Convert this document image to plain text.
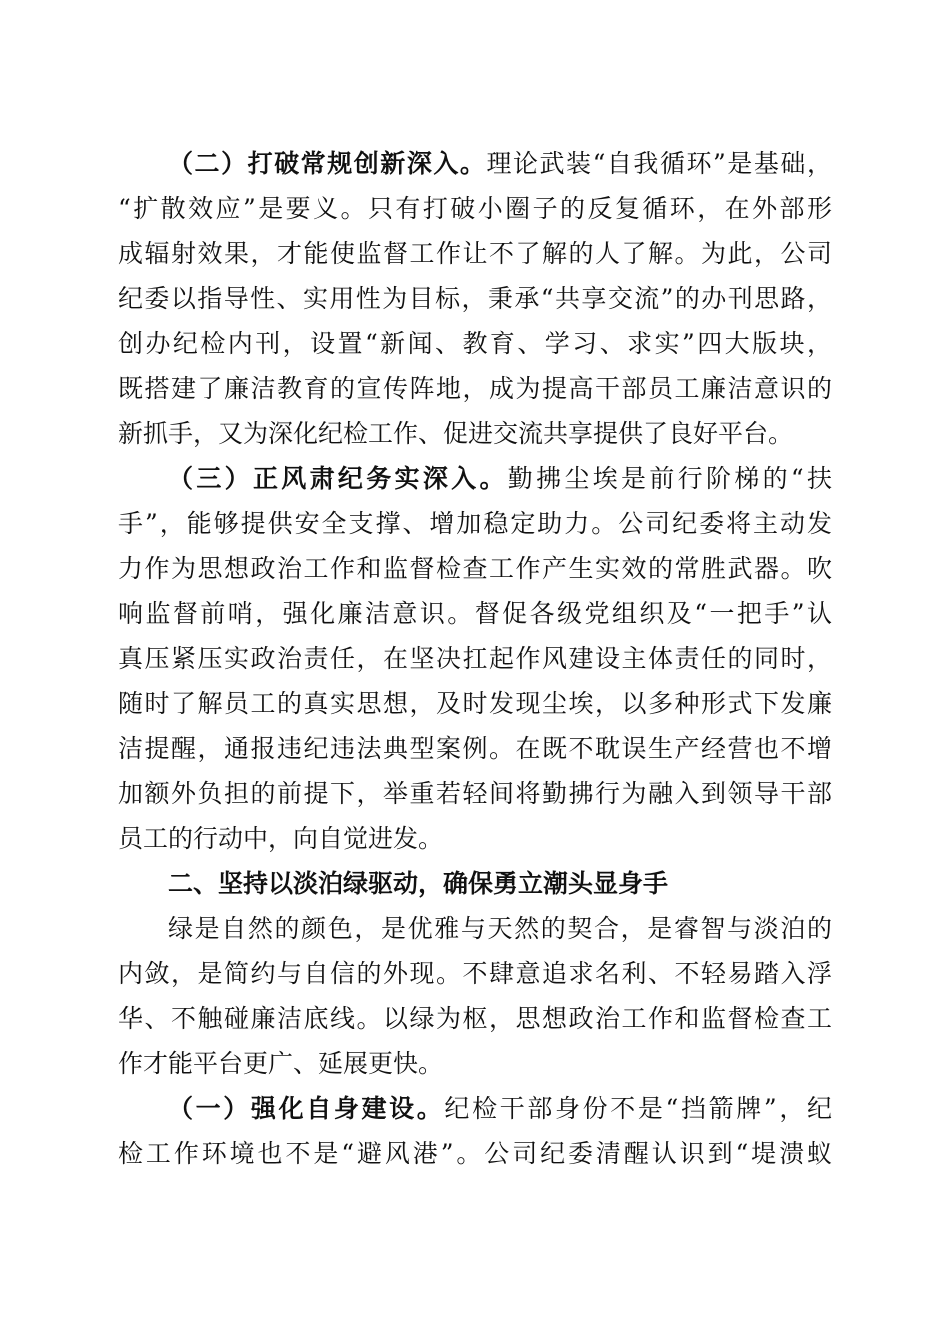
（二）打破常规创新深入。理论武装“自我循环”是基础，
“扩散效应”是要义。只有打破小圈子的反复循环，在外部形
成辐射效果，才能使监督工作让不了解的人了解。为此，公司
纪委以指导性、实用性为目标，秉承“共享交流”的办刊思路，
创办纪检内刊，设置“新闻、教育、学习、求实”四大版块，
既搭建了廉洁教育的宣传阵地，成为提高干部员工廉洁意识的
新抓手，又为深化纪检工作、促进交流共享提供了良好平台。
（三）正风肃纪务实深入。勤拂尘埃是前行阶梯的“扶
手”，能够提供安全支撑、增加稳定助力。公司纪委将主动发
力作为思想政治工作和监督检查工作产生实效的常胜武器。吹
响监督前哨，强化廉洁意识。督促各级党组织及“一把手”认
真压紧压实政治责任，在坚决扛起作风建设主体责任的同时，
随时了解员工的真实思想，及时发现尘埃，以多种形式下发廉
洁提醒，通报违纪违法典型案例。在既不耽误生产经营也不增
加额外负担的前提下，举重若轻间将勤拂行为融入到领导干部
员工的行动中，向自觉进发。
二、坚持以淡泊绿驱动，确保勇立潮头显身手
绿是自然的颜色，是优雅与天然的契合，是睿智与淡泊的
内敛，是简约与自信的外现。不肆意追求名利、不轻易踏入浮
华、不触碰廉洁底线。以绿为枢，思想政治工作和监督检查工
作才能平台更广、延展更快。
（一）强化自身建设。纪检干部身份不是“挡箭牌”，纪
检工作环境也不是“避风港”。公司纪委清醒认识到“堤溃蚁
